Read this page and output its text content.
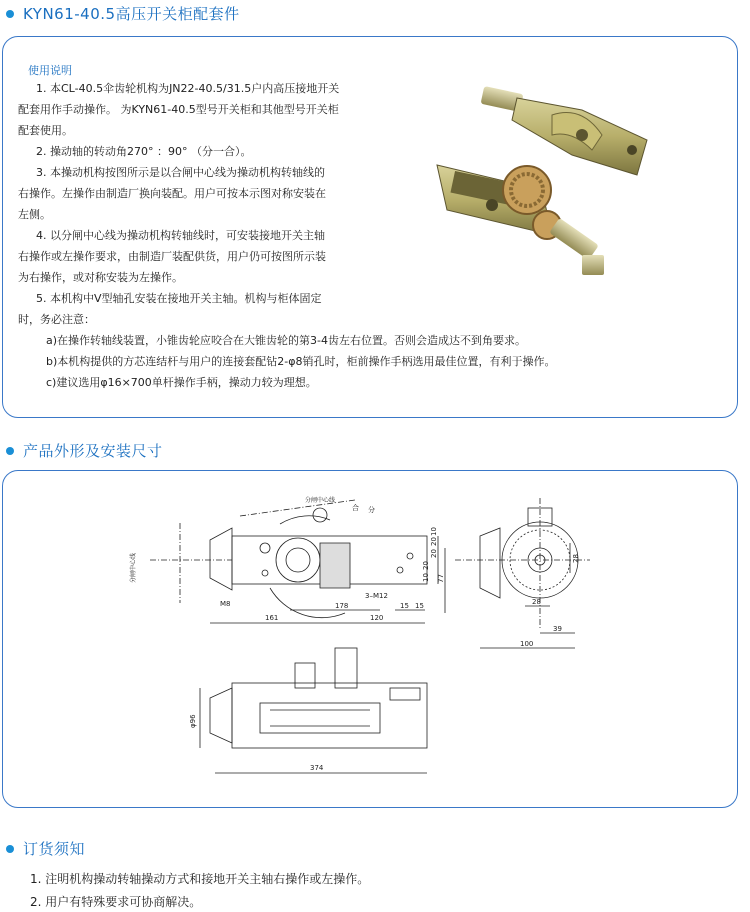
KYN61-40.5高压开关柜配套件
使用说明
1. 本CL-40.5伞齿轮机构为JN22-40.5/31.5户内高压接地开关
配套用作手动操作。 为KYN61-40.5型号开关柜和其他型号开关柜
配套使用。
2. 操动轴的转动角270° ：90° （分一合）。
3. 本操动机构按图所示是以合闸中心线为操动机构转轴线的
右操作。左操作由制造厂换向装配。用户可按本示图对称安装在
左侧。
4. 以分闸中心线为操动机构转轴线时，可安装接地开关主轴
右操作或左操作要求，由制造厂装配供货，用户仍可按图所示装
为右操作，或对称安装为左操作。
5. 本机构中V型轴孔安装在接地开关主轴。机构与柜体固定
时，务必注意：
a)在操作转轴线装置，小锥齿轮应咬合在大锥齿轮的第3-4齿左右位置。否则会造成达不到角要求。
b)本机构提供的方芯连结杆与用户的连接套配钻2-φ8销孔时，柜前操作手柄选用最佳位置，有利于操作。
c)建议选用φ16×700单杆操作手柄，操动力较为理想。
产品外形及安装尺寸
分闸中心线
合 分
分闸中心线
M8
3–M12
178	15 15
161	120
20
20
10
20
10 77
28
28
39
100
φ96
374
订货须知
1. 注明机构操动转轴操动方式和接地开关主轴右操作或左操作。
2. 用户有特殊要求可协商解决。
